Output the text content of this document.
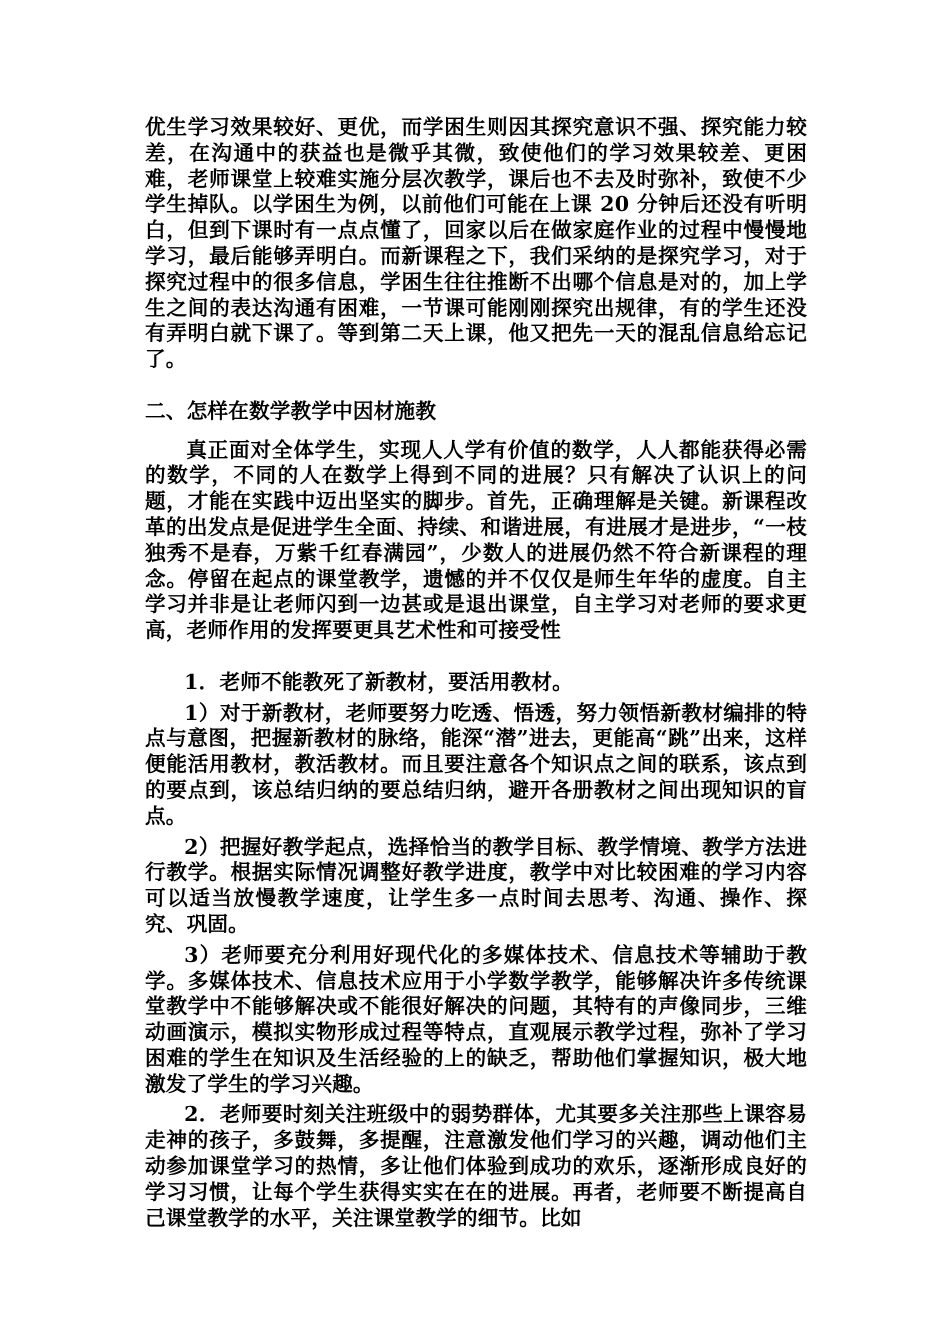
优生学习效果较好、更优，而学困生则因其探究意识不强、探究能力较差，在沟通中的获益也是微乎其微，致使他们的学习效果较差、更困难，老师课堂上较难实施分层次教学，课后也不去及时弥补，致使不少学生掉队。以学困生为例，以前他们可能在上课 20 分钟后还没有听明白，但到下课时有一点点懂了，回家以后在做家庭作业的过程中慢慢地学习，最后能够弄明白。而新课程之下，我们采纳的是探究学习，对于探究过程中的很多信息，学困生往往推断不出哪个信息是对的，加上学生之间的表达沟通有困难，一节课可能刚刚探究出规律，有的学生还没有弄明白就下课了。等到第二天上课，他又把先一天的混乱信息给忘记了。

二、怎样在数学教学中因材施教

真正面对全体学生，实现人人学有价值的数学，人人都能获得必需的数学，不同的人在数学上得到不同的进展？只有解决了认识上的问题，才能在实践中迈出坚实的脚步。首先，正确理解是关键。新课程改革的出发点是促进学生全面、持续、和谐进展，有进展才是进步，“一枝独秀不是春，万紫千红春满园”，少数人的进展仍然不符合新课程的理念。停留在起点的课堂教学，遗憾的并不仅仅是师生年华的虚度。自主学习并非是让老师闪到一边甚或是退出课堂，自主学习对老师的要求更高，老师作用的发挥要更具艺术性和可接受性

1．老师不能教死了新教材，要活用教材。

1）对于新教材，老师要努力吃透、悟透，努力领悟新教材编排的特点与意图，把握新教材的脉络，能深“潜”进去，更能高“跳”出来，这样便能活用教材，教活教材。而且要注意各个知识点之间的联系，该点到的要点到，该总结归纳的要总结归纳，避开各册教材之间出现知识的盲点。

2）把握好教学起点，选择恰当的教学目标、教学情境、教学方法进行教学。根据实际情况调整好教学进度，教学中对比较困难的学习内容可以适当放慢教学速度，让学生多一点时间去思考、沟通、操作、探究、巩固。

3）老师要充分利用好现代化的多媒体技术、信息技术等辅助于教学。多媒体技术、信息技术应用于小学数学教学，能够解决许多传统课堂教学中不能够解决或不能很好解决的问题，其特有的声像同步，三维动画演示，模拟实物形成过程等特点，直观展示教学过程，弥补了学习困难的学生在知识及生活经验的上的缺乏，帮助他们掌握知识，极大地激发了学生的学习兴趣。

2．老师要时刻关注班级中的弱势群体，尤其要多关注那些上课容易走神的孩子，多鼓舞，多提醒，注意激发他们学习的兴趣，调动他们主动参加课堂学习的热情，多让他们体验到成功的欢乐，逐渐形成良好的学习习惯，让每个学生获得实实在在的进展。再者，老师要不断提高自己课堂教学的水平，关注课堂教学的细节。比如
